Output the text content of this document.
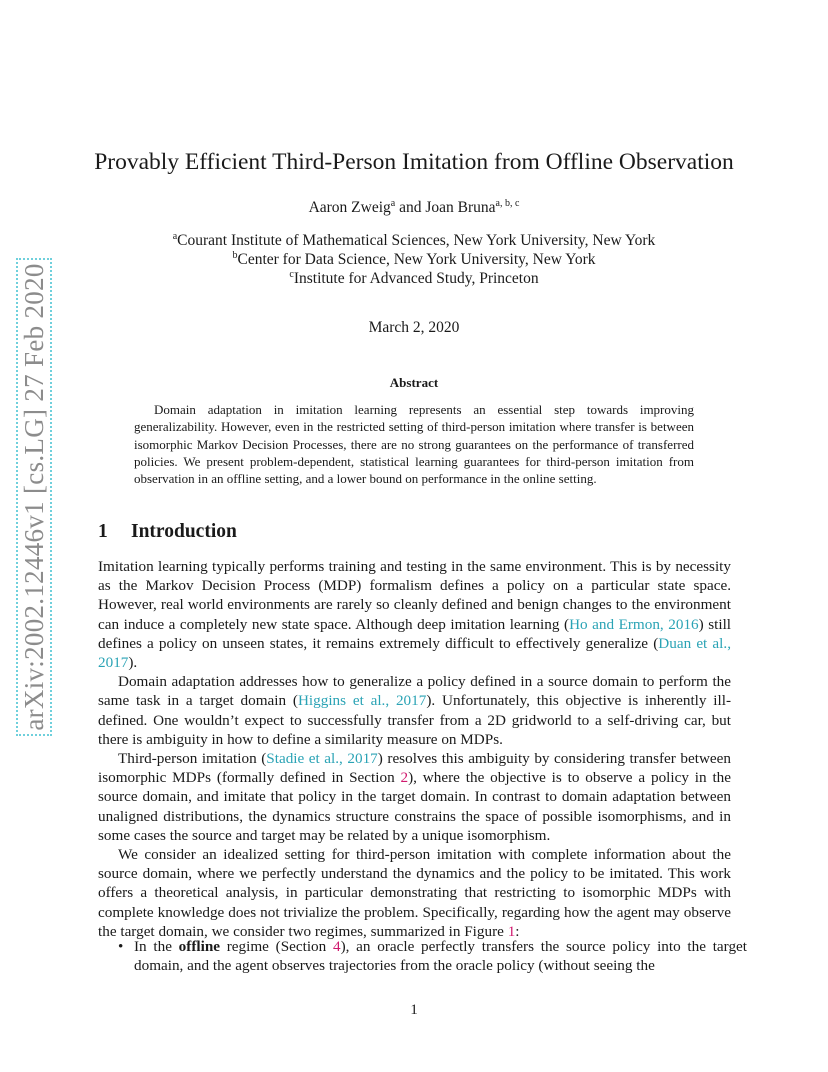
arXiv:2002.12446v1 [cs.LG] 27 Feb 2020
Provably Efficient Third-Person Imitation from Offline Observation
Aaron Zweig$^a$ and Joan Bruna$^{a, b, c}$
$^a$Courant Institute of Mathematical Sciences, New York University, New York
$^b$Center for Data Science, New York University, New York
$^c$Institute for Advanced Study, Princeton
March 2, 2020
Abstract

Domain adaptation in imitation learning represents an essential step towards improving generalizability. However, even in the restricted setting of third-person imitation where transfer is between isomorphic Markov Decision Processes, there are no strong guarantees on the performance of transferred policies. We present problem-dependent, statistical learning guarantees for third-person imitation from observation in an offline setting, and a lower bound on performance in the online setting.

1 Introduction

Imitation learning typically performs training and testing in the same environment. This is by necessity as the Markov Decision Process (MDP) formalism defines a policy on a particular state space. However, real world environments are rarely so cleanly defined and benign changes to the environment can induce a completely new state space. Although deep imitation learning (Ho and Ermon, 2016) still defines a policy on unseen states, it remains extremely difficult to effectively generalize (Duan et al., 2017).

Domain adaptation addresses how to generalize a policy defined in a source domain to perform the same task in a target domain (Higgins et al., 2017). Unfortunately, this objective is inherently ill-defined. One wouldn’t expect to successfully transfer from a 2D gridworld to a self-driving car, but there is ambiguity in how to define a similarity measure on MDPs.

Third-person imitation (Stadie et al., 2017) resolves this ambiguity by considering transfer between isomorphic MDPs (formally defined in Section 2), where the objective is to observe a policy in the source domain, and imitate that policy in the target domain. In contrast to domain adaptation between unaligned distributions, the dynamics structure constrains the space of possible isomorphisms, and in some cases the source and target may be related by a unique isomorphism.

We consider an idealized setting for third-person imitation with complete information about the source domain, where we perfectly understand the dynamics and the policy to be imitated. This work offers a theoretical analysis, in particular demonstrating that restricting to isomorphic MDPs with complete knowledge does not trivialize the problem. Specifically, regarding how the agent may observe the target domain, we consider two regimes, summarized in Figure 1:

• In the offline regime (Section 4), an oracle perfectly transfers the source policy into the target domain, and the agent observes trajectories from the oracle policy (without seeing the
1
